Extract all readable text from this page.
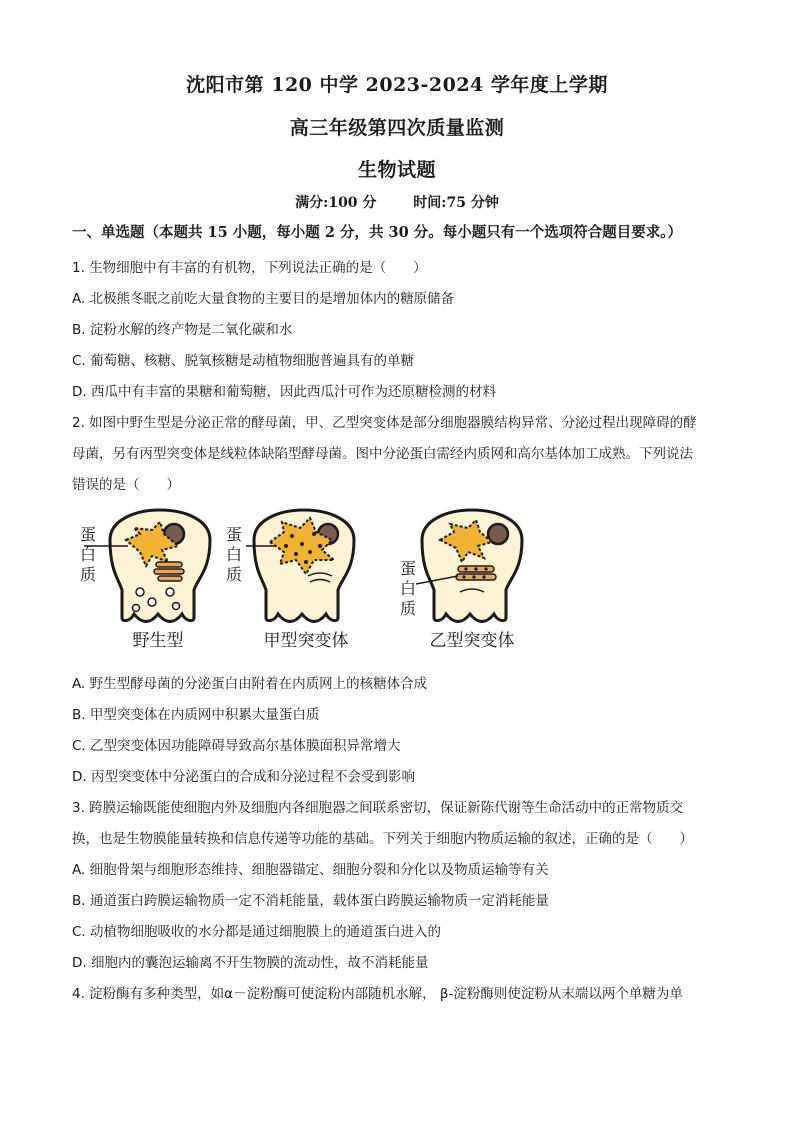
沈阳市第 120 中学 2023-2024 学年度上学期
高三年级第四次质量监测
生物试题
满分:100 分	时间:75 分钟
一、单选题（本题共 15 小题，每小题 2 分，共 30 分。每小题只有一个选项符合题目要求。）
1. 生物细胞中有丰富的有机物，下列说法正确的是（　　）
A. 北极熊冬眠之前吃大量食物的主要目的是增加体内的糖原储备
B. 淀粉水解的终产物是二氧化碳和水
C. 葡萄糖、核糖、脱氧核糖是动植物细胞普遍具有的单糖
D. 西瓜中有丰富的果糖和葡萄糖，因此西瓜汁可作为还原糖检测的材料
2. 如图中野生型是分泌正常的酵母菌，甲、乙型突变体是部分细胞器膜结构异常、分泌过程出现障碍的酵
母菌，另有丙型突变体是线粒体缺陷型酵母菌。图中分泌蛋白需经内质网和高尔基体加工成熟。下列说法
错误的是（　　）
蛋
白
质
野生型
蛋
白
质
甲型突变体
蛋
白
质
乙型突变体
A. 野生型酵母菌的分泌蛋白由附着在内质网上的核糖体合成
B. 甲型突变体在内质网中积累大量蛋白质
C. 乙型突变体因功能障碍导致高尔基体膜面积异常增大
D. 丙型突变体中分泌蛋白的合成和分泌过程不会受到影响
3. 跨膜运输既能使细胞内外及细胞内各细胞器之间联系密切，保证新陈代谢等生命活动中的正常物质交
换，也是生物膜能量转换和信息传递等功能的基础。下列关于细胞内物质运输的叙述，正确的是（　　）
A. 细胞骨架与细胞形态维持、细胞器锚定、细胞分裂和分化以及物质运输等有关
B. 通道蛋白跨膜运输物质一定不消耗能量，载体蛋白跨膜运输物质一定消耗能量
C. 动植物细胞吸收的水分都是通过细胞膜上的通道蛋白进入的
D. 细胞内的囊泡运输离不开生物膜的流动性，故不消耗能量
4. 淀粉酶有多种类型，如α－淀粉酶可使淀粉内部随机水解， β-淀粉酶则使淀粉从末端以两个单糖为单
